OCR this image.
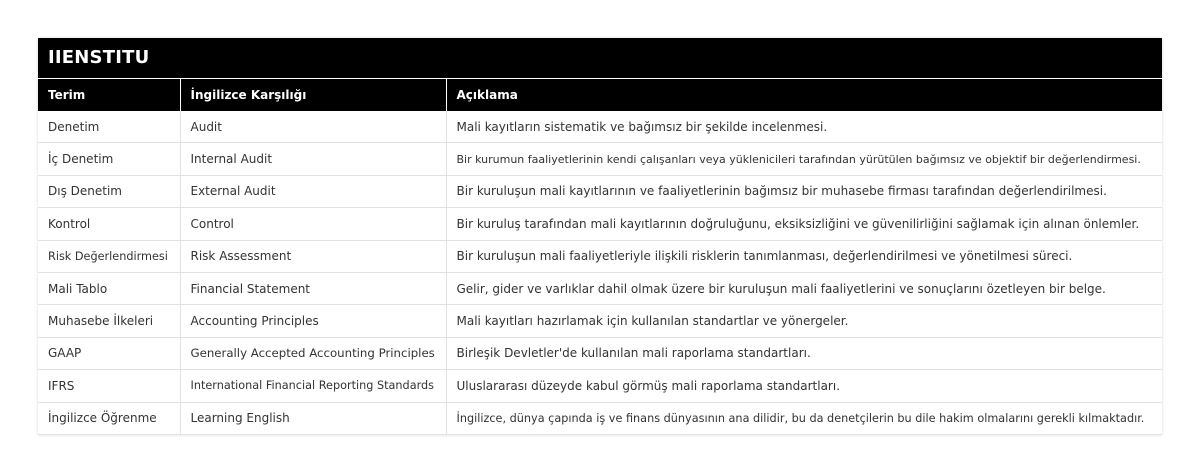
IIENSTITU
Terim	İngilizce Karşılığı	Açıklama
Denetim	Audit	Mali kayıtların sistematik ve bağımsız bir şekilde incelenmesi.
İç Denetim	Internal Audit	Bir kurumun faaliyetlerinin kendi çalışanları veya yüklenicileri tarafından yürütülen bağımsız ve objektif bir değerlendirmesi.
Dış Denetim	External Audit	Bir kuruluşun mali kayıtlarının ve faaliyetlerinin bağımsız bir muhasebe firması tarafından değerlendirilmesi.
Kontrol	Control	Bir kuruluş tarafından mali kayıtlarının doğruluğunu, eksiksizliğini ve güvenilirliğini sağlamak için alınan önlemler.
Risk Değerlendirmesi	Risk Assessment	Bir kuruluşun mali faaliyetleriyle ilişkili risklerin tanımlanması, değerlendirilmesi ve yönetilmesi süreci.
Mali Tablo	Financial Statement	Gelir, gider ve varlıklar dahil olmak üzere bir kuruluşun mali faaliyetlerini ve sonuçlarını özetleyen bir belge.
Muhasebe İlkeleri	Accounting Principles	Mali kayıtları hazırlamak için kullanılan standartlar ve yönergeler.
GAAP	Generally Accepted Accounting Principles	Birleşik Devletler'de kullanılan mali raporlama standartları.
IFRS	International Financial Reporting Standards	Uluslararası düzeyde kabul görmüş mali raporlama standartları.
İngilizce Öğrenme	Learning English	İngilizce, dünya çapında iş ve finans dünyasının ana dilidir, bu da denetçilerin bu dile hakim olmalarını gerekli kılmaktadır.
